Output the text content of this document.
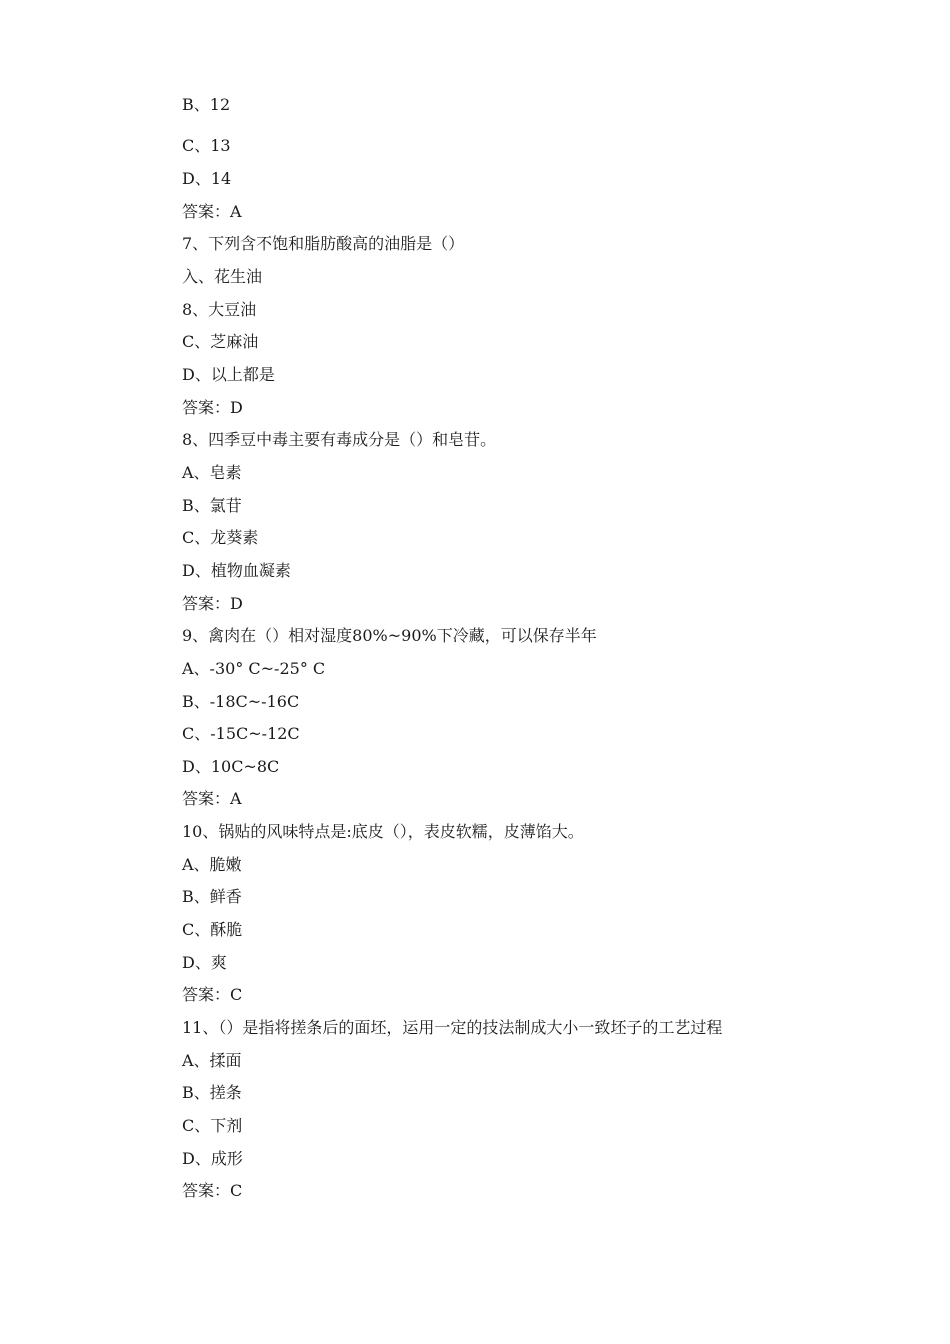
B、12
C、13
D、14
答案：A
7、下列含不饱和脂肪酸高的油脂是（）
入、花生油
8、大豆油
C、芝麻油
D、以上都是
答案：D
8、四季豆中毒主要有毒成分是（）和皂苷。
A、皂素
B、氯苷
C、龙葵素
D、植物血凝素
答案：D
9、禽肉在（）相对湿度80%~90%下冷藏，可以保存半年
A、-30° C~-25° C
B、-18C~-16C
C、-15C~-12C
D、10C~8C
答案：A
10、锅贴的风味特点是:底皮（），表皮软糯，皮薄馅大。
A、脆嫩
B、鲜香
C、酥脆
D、爽
答案：C
11、（）是指将搓条后的面坯，运用一定的技法制成大小一致坯子的工艺过程
A、揉面
B、搓条
C、下剂
D、成形
答案：C
